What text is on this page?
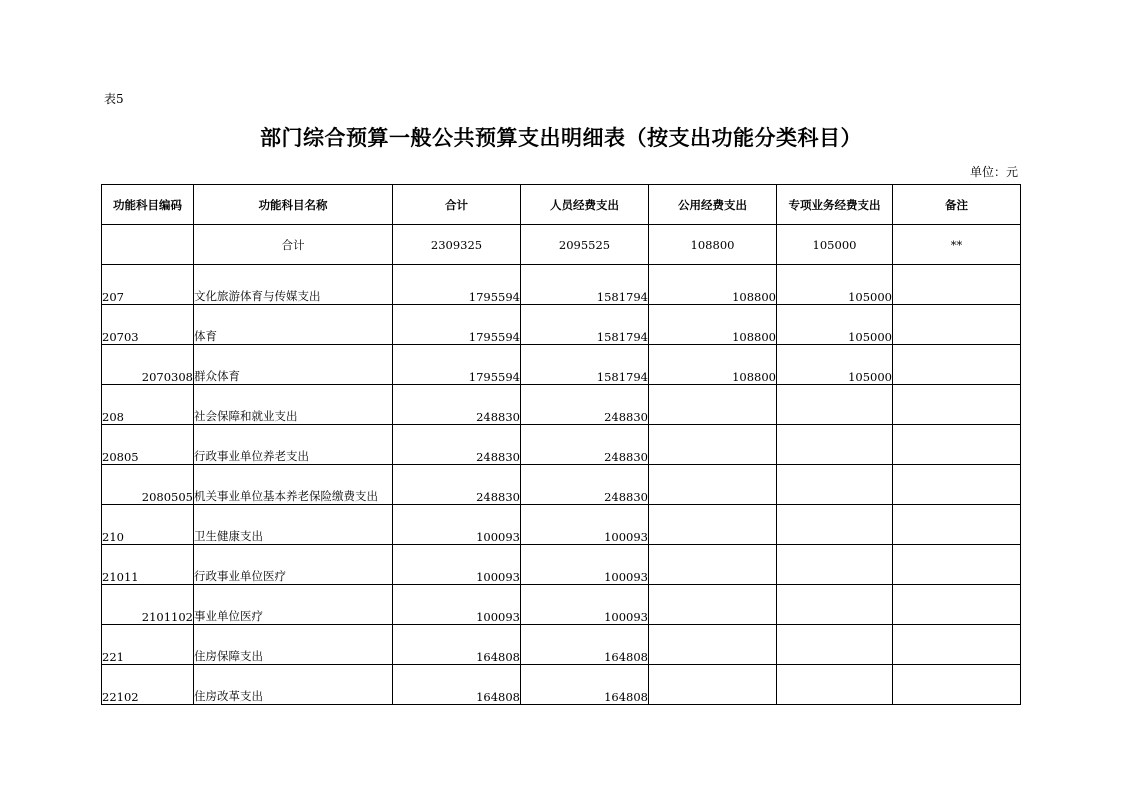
表5
部门综合预算一般公共预算支出明细表（按支出功能分类科目）
单位：元
功能科目编码	功能科目名称	合计	人员经费支出	公用经费支出	专项业务经费支出	备注
	合计	2309325	2095525	108800	105000	**
207	文化旅游体育与传媒支出	1795594	1581794	108800	105000	
20703	体育	1795594	1581794	108800	105000	
2070308	群众体育	1795594	1581794	108800	105000	
208	社会保障和就业支出	248830	248830			
20805	行政事业单位养老支出	248830	248830			
2080505	机关事业单位基本养老保险缴费支出	248830	248830			
210	卫生健康支出	100093	100093			
21011	行政事业单位医疗	100093	100093			
2101102	事业单位医疗	100093	100093			
221	住房保障支出	164808	164808			
22102	住房改革支出	164808	164808			
